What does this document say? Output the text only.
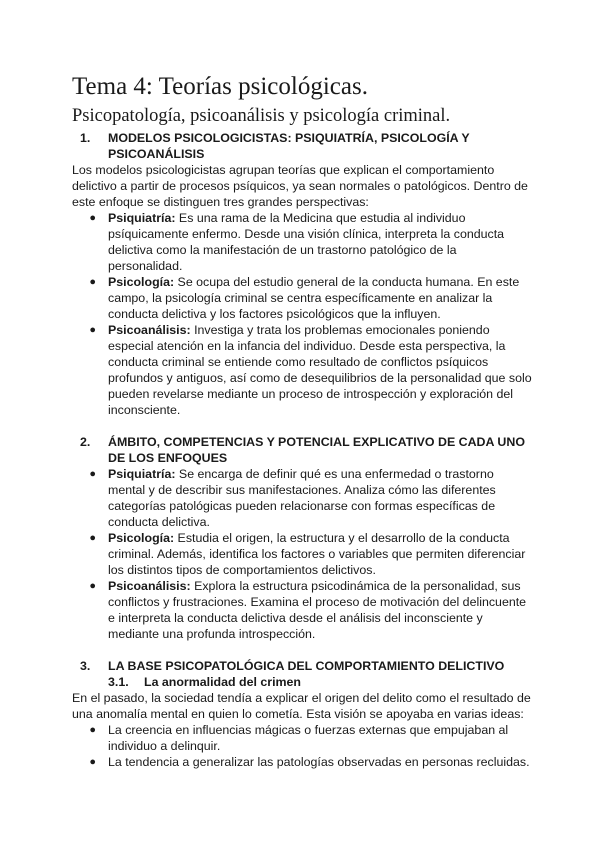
Tema 4: Teorías psicológicas.
Psicopatología, psicoanálisis y psicología criminal.
1.	MODELOS PSICOLOGICISTAS: PSIQUIATRÍA, PSICOLOGÍA Y PSICOANÁLISIS

Los modelos psicologicistas agrupan teorías que explican el comportamiento delictivo a partir de procesos psíquicos, ya sean normales o patológicos. Dentro de este enfoque se distinguen tres grandes perspectivas:

● Psiquiatría: Es una rama de la Medicina que estudia al individuo psíquicamente enfermo. Desde una visión clínica, interpreta la conducta delictiva como la manifestación de un trastorno patológico de la personalidad.
● Psicología: Se ocupa del estudio general de la conducta humana. En este campo, la psicología criminal se centra específicamente en analizar la conducta delictiva y los factores psicológicos que la influyen.
● Psicoanálisis: Investiga y trata los problemas emocionales poniendo especial atención en la infancia del individuo. Desde esta perspectiva, la conducta criminal se entiende como resultado de conflictos psíquicos profundos y antiguos, así como de desequilibrios de la personalidad que solo pueden revelarse mediante un proceso de introspección y exploración del inconsciente.
2.	ÁMBITO, COMPETENCIAS Y POTENCIAL EXPLICATIVO DE CADA UNO DE LOS ENFOQUES
● Psiquiatría: Se encarga de definir qué es una enfermedad o trastorno mental y de describir sus manifestaciones. Analiza cómo las diferentes categorías patológicas pueden relacionarse con formas específicas de conducta delictiva.
● Psicología: Estudia el origen, la estructura y el desarrollo de la conducta criminal. Además, identifica los factores o variables que permiten diferenciar los distintos tipos de comportamientos delictivos.
● Psicoanálisis: Explora la estructura psicodinámica de la personalidad, sus conflictos y frustraciones. Examina el proceso de motivación del delincuente e interpreta la conducta delictiva desde el análisis del inconsciente y mediante una profunda introspección.
3.	LA BASE PSICOPATOLÓGICA DEL COMPORTAMIENTO DELICTIVO
3.1.	La anormalidad del crimen

En el pasado, la sociedad tendía a explicar el origen del delito como el resultado de una anomalía mental en quien lo cometía. Esta visión se apoyaba en varias ideas:

● La creencia en influencias mágicas o fuerzas externas que empujaban al individuo a delinquir.
● La tendencia a generalizar las patologías observadas en personas recluidas.
